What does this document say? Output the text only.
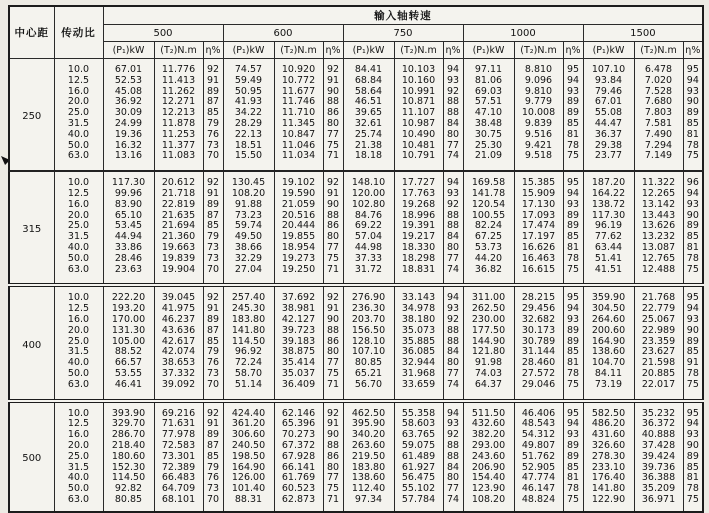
中心距	传动比	输入轴转速														
		500			600			750			1000			1500		
		(P₁)kW	(T₂)N.m	η%	(P₁)kW	(T₂)N.m	η%	(P₁)kW	(T₂)N.m	η%	(P₁)kW	(T₂)N.m	η%	(P₁)kW	(T₂)N.m	η%
250	10.0	67.01	11.776	92	74.57	10.920	92	84.41	10.103	94	97.11	8.810	95	107.10	6.478	95
	12.5	52.53	11.413	91	59.49	10.772	91	68.84	10.160	93	81.06	9.096	94	93.84	7.020	94
	16.0	45.08	11.262	89	50.95	11.677	90	58.64	10.991	92	69.03	9.810	93	79.46	7.528	93
	20.0	36.92	12.271	87	41.93	11.746	88	46.51	10.871	88	57.51	9.779	89	67.01	7.680	90
	25.0	30.09	12.213	85	34.22	11.710	86	39.65	11.107	88	47.10	10.008	89	55.08	7.803	89
	31.5	24.99	11.878	79	28.29	11.345	80	32.61	10.987	84	38.48	9.839	85	44.47	7.581	85
	40.0	19.36	11.253	76	22.13	10.847	77	25.74	10.490	80	30.75	9.516	81	36.37	7.490	81
	50.0	16.32	11.377	73	18.51	11.046	75	21.38	10.481	77	25.30	9.421	78	29.38	7.294	78
	63.0	13.16	11.083	70	15.50	11.034	71	18.18	10.791	74	21.09	9.518	75	23.77	7.149	75
315	10.0	117.30	20.612	92	130.45	19.102	92	148.10	17.727	94	169.58	15.385	95	187.20	11.322	96
	12.5	99.96	21.718	91	108.20	19.590	91	120.00	17.763	93	141.78	15.909	94	164.22	12.265	94
	16.0	83.90	22.819	89	91.88	21.059	90	102.80	19.268	92	120.54	17.130	93	138.72	13.142	93
	20.0	65.10	21.635	87	73.23	20.516	88	84.76	18.996	88	100.55	17.093	89	117.30	13.443	90
	25.0	53.45	21.694	85	59.74	20.444	86	69.22	19.391	88	82.24	17.474	89	96.19	13.626	89
	31.5	44.94	21.360	79	49.50	19.855	80	57.04	19.217	84	67.25	17.197	85	77.62	13.232	85
	40.0	33.86	19.663	73	38.66	18.954	77	44.98	18.330	80	53.73	16.626	81	63.44	13.087	81
	50.0	28.46	19.839	73	32.29	19.273	75	37.33	18.298	77	44.20	16.463	78	51.41	12.765	78
	63.0	23.63	19.904	70	27.04	19.250	71	31.72	18.831	74	36.82	16.615	75	41.51	12.488	75
400	10.0	222.20	39.045	92	257.40	37.692	92	276.90	33.143	94	311.00	28.215	95	359.90	21.768	95
	12.5	193.20	41.975	91	245.30	38.981	91	236.30	34.978	93	262.50	29.456	94	304.50	22.779	94
	16.0	170.00	46.237	89	183.80	42.127	90	203.70	38.180	92	230.00	32.682	93	264.60	25.067	93
	20.0	131.30	43.636	87	141.80	39.723	88	156.50	35.073	88	177.50	30.173	89	200.60	22.989	90
	25.0	105.00	42.617	85	114.50	39.183	86	128.10	35.885	88	144.90	30.789	89	164.90	23.359	89
	31.5	88.52	42.074	79	96.92	38.875	80	107.10	36.085	84	121.80	31.144	85	138.60	23.627	85
	40.0	66.57	38.653	76	72.24	35.414	77	80.85	32.944	80	91.98	28.460	81	104.70	21.598	91
	50.0	53.55	37.332	73	58.70	35.037	75	65.21	31.968	77	74.03	27.572	78	84.11	20.885	78
	63.0	46.41	39.092	70	51.14	36.409	71	56.70	33.659	74	64.37	29.046	75	73.19	22.017	75
500	10.0	393.90	69.216	92	424.40	62.146	92	462.50	55.358	94	511.50	46.406	95	582.50	35.232	95
	12.5	329.70	71.631	91	361.20	65.396	91	395.90	58.603	93	432.60	48.543	94	486.20	36.372	94
	16.0	286.70	77.978	89	306.60	70.273	90	340.20	63.765	92	382.20	54.312	93	431.60	40.888	93
	20.0	218.40	72.583	87	240.50	67.372	88	263.60	59.075	88	293.00	49.807	89	326.60	37.428	90
	25.0	180.60	73.301	85	198.50	67.928	86	219.50	61.489	88	243.60	51.762	89	278.30	39.424	89
	31.5	152.30	72.389	79	164.90	66.141	80	183.80	61.927	84	206.90	52.905	85	233.10	39.736	85
	40.0	114.50	66.483	76	126.00	61.769	77	138.60	56.475	80	154.40	47.774	81	176.40	36.388	81
	50.0	92.82	64.709	73	101.40	60.523	75	112.40	55.102	77	123.90	46.147	78	141.80	35.209	78
	63.0	80.85	68.101	70	88.31	62.873	71	97.34	57.784	74	108.20	48.824	75	122.90	36.971	75
